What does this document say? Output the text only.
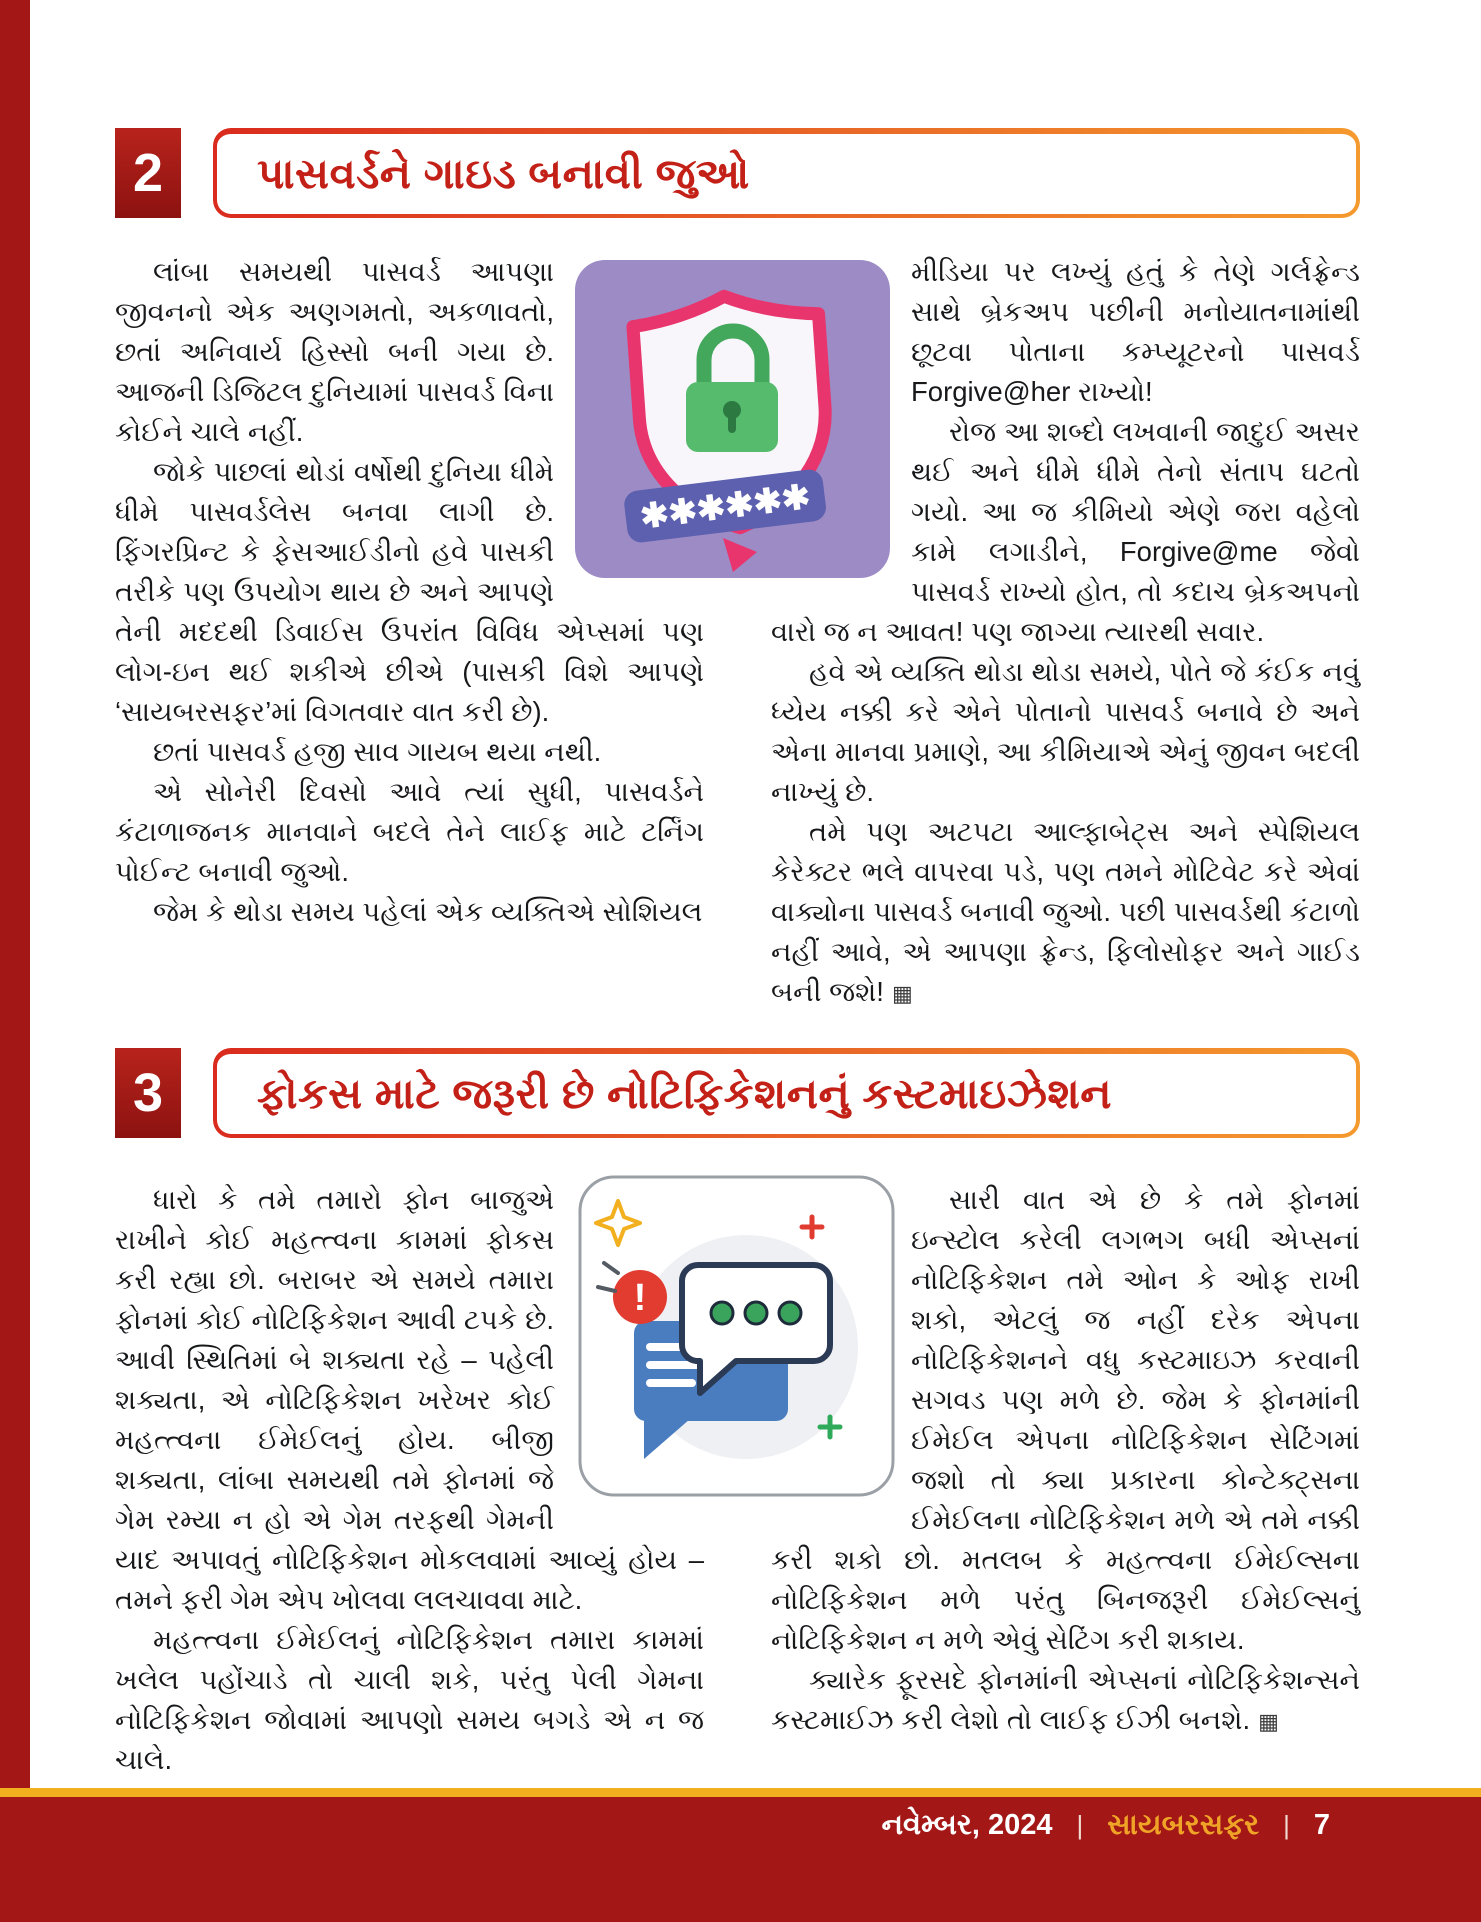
2 પાસવર્ડને ગાઇડ બનાવી જુઓ

લાંબા સમયથી પાસવર્ડ આપણા જીવનનો એક અણગમતો, અકળાવતો, છતાં અનિવાર્ય હિસ્સો બની ગયા છે. આજની ડિજિટલ દુનિયામાં પાસવર્ડ વિના કોઈને ચાલે નહીં.

જોકે પાછલાં થોડાં વર્ષોથી દુનિયા ધીમે ધીમે પાસવર્ડલેસ બનવા લાગી છે. ફિંગરપ્રિન્ટ કે ફેસઆઈડીનો હવે પાસકી તરીકે પણ ઉપયોગ થાય છે અને આપણે તેની મદદથી ડિવાઈસ ઉપરાંત વિવિધ એપ્સમાં પણ લોગ-ઇન થઈ શકીએ છીએ (પાસકી વિશે આપણે ‘સાયબરસફર’માં વિગતવાર વાત કરી છે).

છતાં પાસવર્ડ હજી સાવ ગાયબ થયા નથી.

એ સોનેરી દિવસો આવે ત્યાં સુધી, પાસવર્ડને કંટાળાજનક માનવાને બદલે તેને લાઈફ માટે ટર્નિંગ પોઈન્ટ બનાવી જુઓ.

જેમ કે થોડા સમય પહેલાં એક વ્યક્તિએ સોશિયલ

મીડિયા પર લખ્યું હતું કે તેણે ગર્લફ્રેન્ડ સાથે બ્રેકઅપ પછીની મનોયાતનામાંથી છૂટવા પોતાના કમ્પ્યૂટરનો પાસવર્ડ Forgive@her રાખ્યો!

રોજ આ શબ્દો લખવાની જાદુઈ અસર થઈ અને ધીમે ધીમે તેનો સંતાપ ઘટતો ગયો. આ જ કીમિયો એણે જરા વહેલો કામે લગાડીને, Forgive@me જેવો પાસવર્ડ રાખ્યો હોત, તો કદાચ બ્રેકઅપનો વારો જ ન આવત! પણ જાગ્યા ત્યારથી સવાર.

હવે એ વ્યક્તિ થોડા થોડા સમયે, પોતે જે કંઈક નવું ધ્યેય નક્કી કરે એને પોતાનો પાસવર્ડ બનાવે છે અને એના માનવા પ્રમાણે, આ કીમિયાએ એનું જીવન બદલી નાખ્યું છે.

તમે પણ અટપટા આલ્ફાબેટ્સ અને સ્પેશિયલ કેરેક્ટર ભલે વાપરવા પડે, પણ તમને મોટિવેટ કરે એવાં વાક્યોના પાસવર્ડ બનાવી જુઓ. પછી પાસવર્ડથી કંટાળો નહીં આવે, એ આપણા ફ્રેન્ડ, ફિલોસોફર અને ગાઈડ બની જશે! ▦

✱✱✱✱✱✱
3 ફોકસ માટે જરૂરી છે નોટિફિકેશનનું કસ્ટમાઇઝેશન

ધારો કે તમે તમારો ફોન બાજુએ રાખીને કોઈ મહત્ત્વના કામમાં ફોકસ કરી રહ્યા છો. બરાબર એ સમયે તમારા ફોનમાં કોઈ નોટિફિકેશન આવી ટપકે છે. આવી સ્થિતિમાં બે શક્યતા રહે – પહેલી શક્યતા, એ નોટિફિકેશન ખરેખર કોઈ મહત્ત્વના ઈમેઈલનું હોય. બીજી શક્યતા, લાંબા સમયથી તમે ફોનમાં જે ગેમ રમ્યા ન હો એ ગેમ તરફથી ગેમની યાદ અપાવતું નોટિફિકેશન મોકલવામાં આવ્યું હોય – તમને ફરી ગેમ એપ ખોલવા લલચાવવા માટે.

મહત્ત્વના ઈમેઈલનું નોટિફિકેશન તમારા કામમાં ખલેલ પહોંચાડે તો ચાલી શકે, પરંતુ પેલી ગેમના નોટિફિકેશન જોવામાં આપણો સમય બગડે એ ન જ ચાલે.

સારી વાત એ છે કે તમે ફોનમાં ઇન્સ્ટોલ કરેલી લગભગ બધી એપ્સનાં નોટિફિકેશન તમે ઓન કે ઓફ રાખી શકો, એટલું જ નહીં દરેક એપના નોટિફિકેશનને વધુ કસ્ટમાઇઝ કરવાની સગવડ પણ મળે છે. જેમ કે ફોનમાંની ઈમેઈલ એપના નોટિફિકેશન સેટિંગમાં જશો તો ક્યા પ્રકારના કોન્ટેક્ટ્સના ઈમેઈલના નોટિફિકેશન મળે એ તમે નક્કી કરી શકો છો. મતલબ કે મહત્ત્વના ઈમેઈલ્સના નોટિફિકેશન મળે પરંતુ બિનજરૂરી ઈમેઈલ્સનું નોટિફિકેશન ન મળે એવું સેટિંગ કરી શકાય.

ક્યારેક ફૂરસદે ફોનમાંની એપ્સનાં નોટિફિકેશન્સને કસ્ટમાઈઝ કરી લેશો તો લાઈફ ઈઝી બનશે. ▦

!
નવેમ્બર, 2024 | સાયબરસફર | 7
